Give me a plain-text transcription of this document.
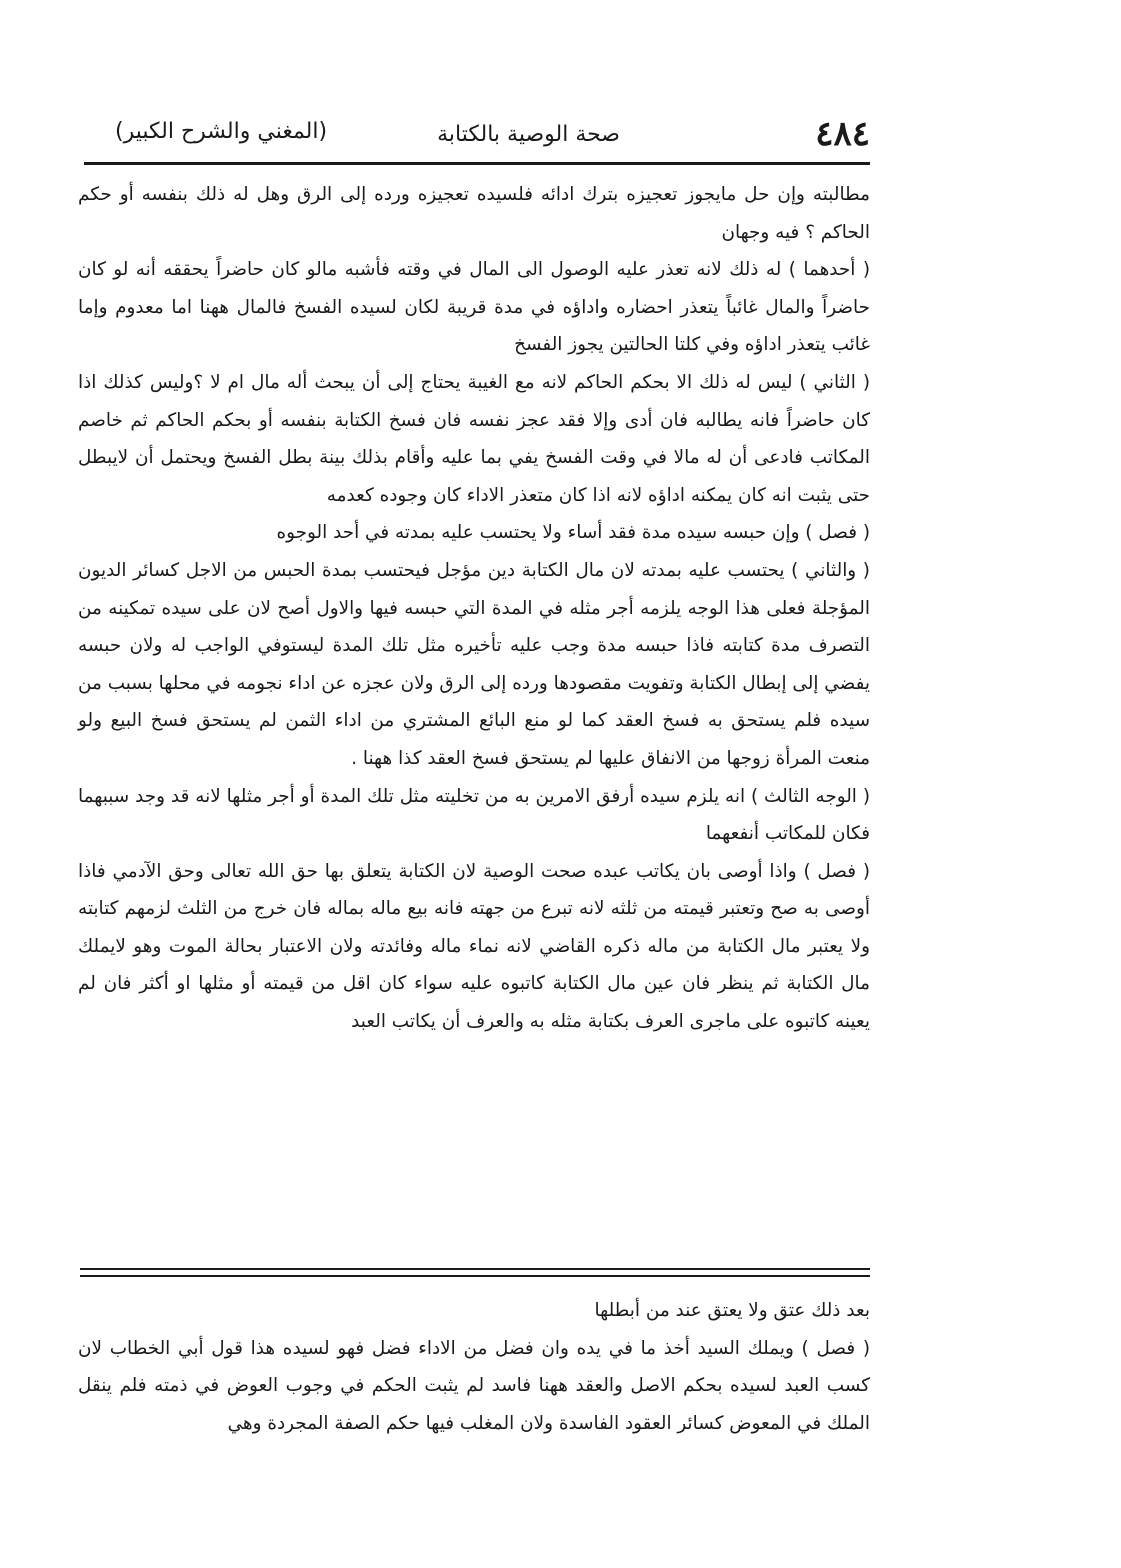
٤٨٤
صحة الوصية بالكتابة
(المغني والشرح الكبير)

مطالبته وإن حل مايجوز تعجيزه بترك ادائه فلسيده تعجيزه ورده إلى الرق وهل له ذلك بنفسه أو حكم الحاكم ؟ فيه وجهان

( أحدهما ) له ذلك لانه تعذر عليه الوصول الى المال في وقته فأشبه مالو كان حاضراً يحققه أنه لو كان حاضراً والمال غائباً يتعذر احضاره واداؤه في مدة قريبة لكان لسيده الفسخ فالمال ههنا اما معدوم وإما غائب يتعذر اداؤه وفي كلتا الحالتين يجوز الفسخ

( الثاني ) ليس له ذلك الا بحكم الحاكم لانه مع الغيبة يحتاج إلى أن يبحث أله مال ام لا ؟وليس كذلك اذا كان حاضراً فانه يطالبه فان أدى وإلا فقد عجز نفسه فان فسخ الكتابة بنفسه أو بحكم الحاكم ثم خاصم المكاتب فادعى أن له مالا في وقت الفسخ يفي بما عليه وأقام بذلك بينة بطل الفسخ ويحتمل أن لايبطل حتى يثبت انه كان يمكنه اداؤه لانه اذا كان متعذر الاداء كان وجوده كعدمه

( فصل ) وإن حبسه سيده مدة فقد أساء ولا يحتسب عليه بمدته في أحد الوجوه

( والثاني ) يحتسب عليه بمدته لان مال الكتابة دين مؤجل فيحتسب بمدة الحبس من الاجل كسائر الديون المؤجلة فعلى هذا الوجه يلزمه أجر مثله في المدة التي حبسه فيها والاول أصح لان على سيده تمكينه من التصرف مدة كتابته فاذا حبسه مدة وجب عليه تأخيره مثل تلك المدة ليستوفي الواجب له ولان حبسه يفضي إلى إبطال الكتابة وتفويت مقصودها ورده إلى الرق ولان عجزه عن اداء نجومه في محلها بسبب من سيده فلم يستحق به فسخ العقد كما لو منع البائع المشتري من اداء الثمن لم يستحق فسخ البيع ولو منعت المرأة زوجها من الانفاق عليها لم يستحق فسخ العقد كذا ههنا .

( الوجه الثالث ) انه يلزم سيده أرفق الامرين به من تخليته مثل تلك المدة أو أجر مثلها لانه قد وجد سببهما فكان للمكاتب أنفعهما

( فصل ) واذا أوصى بان يكاتب عبده صحت الوصية لان الكتابة يتعلق بها حق الله تعالى وحق الآدمي فاذا أوصى به صح وتعتبر قيمته من ثلثه لانه تبرع من جهته فانه بيع ماله بماله فان خرج من الثلث لزمهم كتابته ولا يعتبر مال الكتابة من ماله ذكره القاضي لانه نماء ماله وفائدته ولان الاعتبار بحالة الموت وهو لايملك مال الكتابة ثم ينظر فان عين مال الكتابة كاتبوه عليه سواء كان اقل من قيمته أو مثلها او أكثر فان لم يعينه كاتبوه على ماجرى العرف بكتابة مثله به والعرف أن يكاتب العبد

بعد ذلك عتق ولا يعتق عند من أبطلها

( فصل ) ويملك السيد أخذ ما في يده وان فضل من الاداء فضل فهو لسيده هذا قول أبي الخطاب لان كسب العبد لسيده بحكم الاصل والعقد ههنا فاسد لم يثبت الحكم في وجوب العوض في ذمته فلم ينقل الملك في المعوض كسائر العقود الفاسدة ولان المغلب فيها حكم الصفة المجردة وهي
